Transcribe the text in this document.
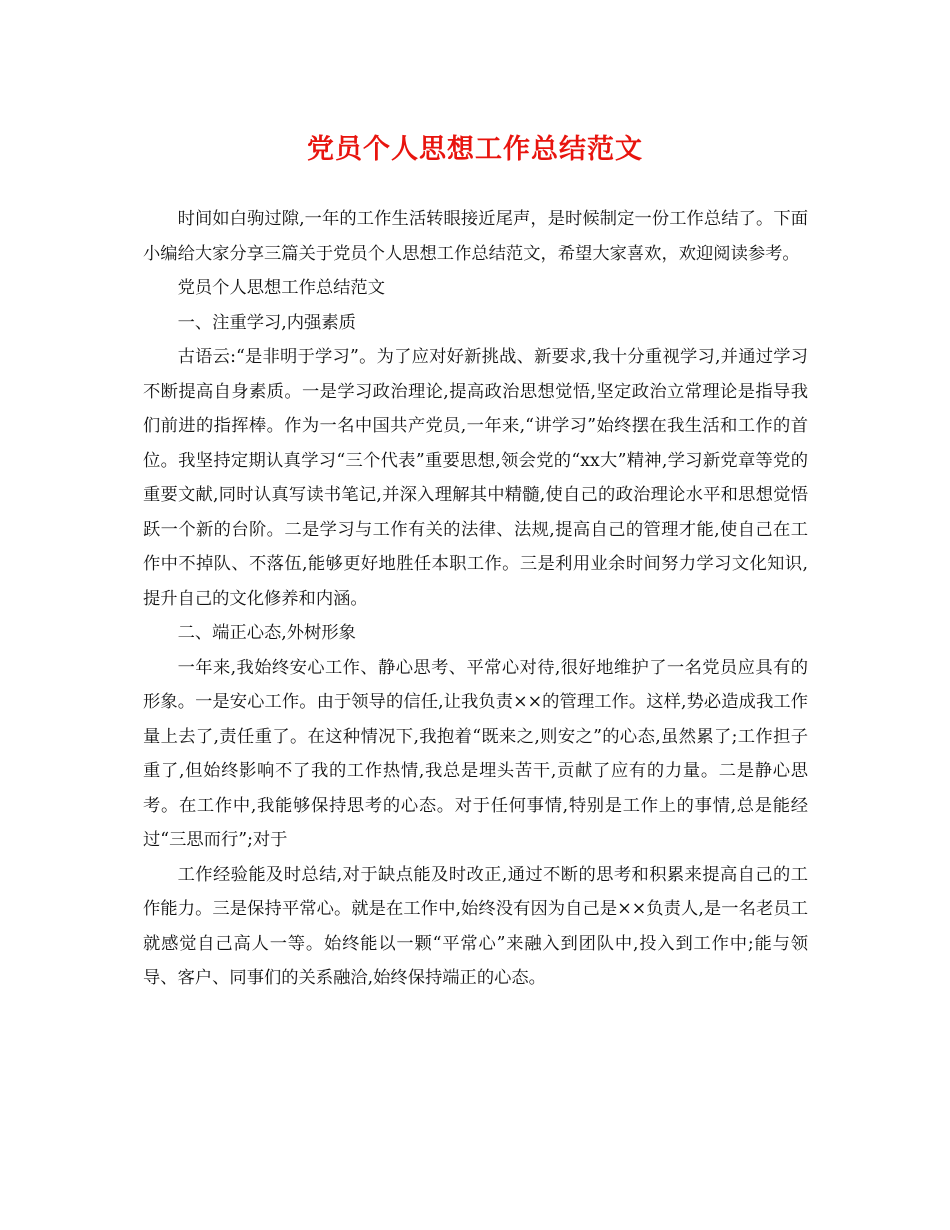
党员个人思想工作总结范文

时间如白驹过隙,一年的工作生活转眼接近尾声，是时候制定一份工作总结了。下面小编给大家分享三篇关于党员个人思想工作总结范文，希望大家喜欢，欢迎阅读参考。

党员个人思想工作总结范文

一、注重学习,内强素质

古语云:“是非明于学习”。为了应对好新挑战、新要求,我十分重视学习,并通过学习不断提高自身素质。一是学习政治理论,提高政治思想觉悟,坚定政治立常理论是指导我们前进的指挥棒。作为一名中国共产党员,一年来,“讲学习”始终摆在我生活和工作的首位。我坚持定期认真学习“三个代表”重要思想,领会党的“xx大”精神,学习新党章等党的重要文献,同时认真写读书笔记,并深入理解其中精髓,使自己的政治理论水平和思想觉悟跃一个新的台阶。二是学习与工作有关的法律、法规,提高自己的管理才能,使自己在工作中不掉队、不落伍,能够更好地胜任本职工作。三是利用业余时间努力学习文化知识,提升自己的文化修养和内涵。

二、端正心态,外树形象

一年来,我始终安心工作、静心思考、平常心对待,很好地维护了一名党员应具有的形象。一是安心工作。由于领导的信任,让我负责××的管理工作。这样,势必造成我工作量上去了,责任重了。在这种情况下,我抱着“既来之,则安之”的心态,虽然累了;工作担子重了,但始终影响不了我的工作热情,我总是埋头苦干,贡献了应有的力量。二是静心思考。在工作中,我能够保持思考的心态。对于任何事情,特别是工作上的事情,总是能经过“三思而行”;对于

工作经验能及时总结,对于缺点能及时改正,通过不断的思考和积累来提高自己的工作能力。三是保持平常心。就是在工作中,始终没有因为自己是××负责人,是一名老员工就感觉自己高人一等。始终能以一颗“平常心”来融入到团队中,投入到工作中;能与领导、客户、同事们的关系融洽,始终保持端正的心态。
